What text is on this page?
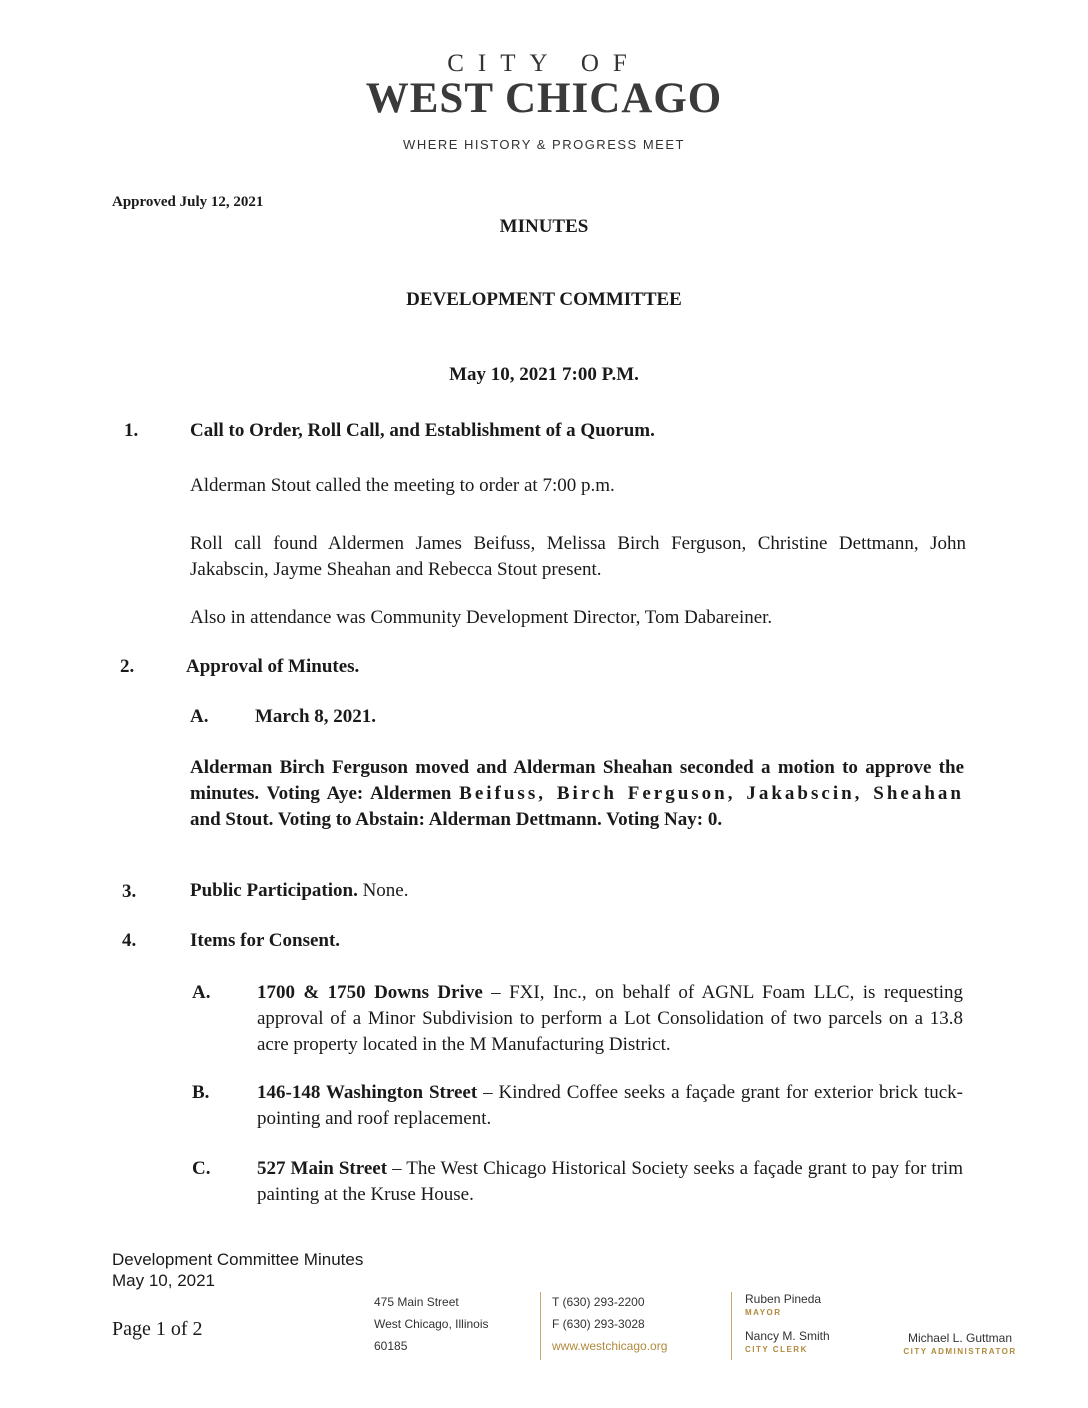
CITY OF
WEST CHICAGO
WHERE HISTORY & PROGRESS MEET
Approved July 12, 2021
MINUTES
DEVELOPMENT COMMITTEE
May 10, 2021 7:00 P.M.
1.	Call to Order, Roll Call, and Establishment of a Quorum.
Alderman Stout called the meeting to order at 7:00 p.m.
Roll call found Aldermen James Beifuss, Melissa Birch Ferguson, Christine Dettmann, John Jakabscin, Jayme Sheahan and Rebecca Stout present.
Also in attendance was Community Development Director, Tom Dabareiner.
2.	Approval of Minutes.
A. March 8, 2021.
Alderman Birch Ferguson moved and Alderman Sheahan seconded a motion to approve the minutes. Voting Aye: Aldermen Beifuss, Birch Ferguson, Jakabscin, Sheahan and Stout. Voting to Abstain: Alderman Dettmann. Voting Nay: 0.
3.	Public Participation. None.
4.	Items for Consent.
A. 1700 & 1750 Downs Drive – FXI, Inc., on behalf of AGNL Foam LLC, is requesting approval of a Minor Subdivision to perform a Lot Consolidation of two parcels on a 13.8 acre property located in the M Manufacturing District.
B.	146-148 Washington Street – Kindred Coffee seeks a façade grant for exterior brick tuck-pointing and roof replacement.
C. 527 Main Street – The West Chicago Historical Society seeks a façade grant to pay for trim painting at the Kruse House.
Development Committee Minutes
May 10, 2021
Page 1 of 2
475 Main Street
West Chicago, Illinois
60185
T (630) 293-2200
F (630) 293-3028
www.westchicago.org
Ruben Pineda
MAYOR
Nancy M. Smith
CITY CLERK
Michael L. Guttman
CITY ADMINISTRATOR
